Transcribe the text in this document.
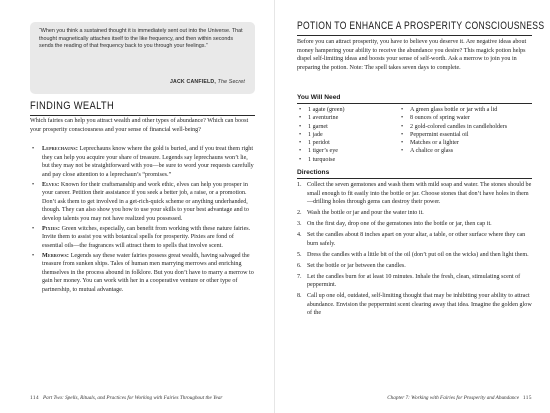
“When you think a sustained thought it is immediately sent out into the Universe. That thought magnetically attaches itself to the like frequency, and then within seconds sends the reading of that frequency back to you through your feelings.”
JACK CANFIELD, The Secret
FINDING WEALTH

Which fairies can help you attract wealth and other types of abundance? Which can boost your prosperity consciousness and your sense of financial well-being?

• Leprechauns: Leprechauns know where the gold is buried, and if you treat them right they can help you acquire your share of treasure. Legends say leprechauns won’t lie, but they may not be straightforward with you—be sure to word your requests carefully and pay close attention to a leprechaun’s “promises.”
• Elves: Known for their craftsmanship and work ethic, elves can help you prosper in your career. Petition their assistance if you seek a better job, a raise, or a promotion. Don’t ask them to get involved in a get-rich-quick scheme or anything underhanded, though. They can also show you how to use your skills to your best advantage and to develop talents you may not have realized you possessed.
• Pixies: Green witches, especially, can benefit from working with these nature fairies. Invite them to assist you with botanical spells for prosperity. Pixies are fond of essential oils—the fragrances will attract them to spells that involve scent.
• Merrows: Legends say these water fairies possess great wealth, having salvaged the treasure from sunken ships. Tales of human men marrying merrows and enriching themselves in the process abound in folklore. But you don’t have to marry a merrow to gain her money. You can work with her in a cooperative venture or other type of partnership, to mutual advantage.
114 Part Two: Spells, Rituals, and Practices for Working with Fairies Throughout the Year
POTION TO ENHANCE A PROSPERITY CONSCIOUSNESS

Before you can attract prosperity, you have to believe you deserve it. Are negative ideas about money hampering your ability to receive the abundance you desire? This magick potion helps dispel self-limiting ideas and boosts your sense of self-worth. Ask a merrow to join you in preparing the potion. Note: The spell takes seven days to complete.

You Will Need
• 1 agate (green)
• 1 aventurine
• 1 garnet
• 1 jade
• 1 peridot
• 1 tiger’s eye
• 1 turquoise
• A green glass bottle or jar with a lid
• 8 ounces of spring water
• 2 gold-colored candles in candleholders
• Peppermint essential oil
• Matches or a lighter
• A chalice or glass
Directions
1. Collect the seven gemstones and wash them with mild soap and water. The stones should be small enough to fit easily into the bottle or jar. Choose stones that don’t have holes in them—drilling holes through gems can destroy their power.
2. Wash the bottle or jar and pour the water into it.
3. On the first day, drop one of the gemstones into the bottle or jar, then cap it.
4. Set the candles about 8 inches apart on your altar, a table, or other surface where they can burn safely.
5. Dress the candles with a little bit of the oil (don’t put oil on the wicks) and then light them.
6. Set the bottle or jar between the candles.
7. Let the candles burn for at least 10 minutes. Inhale the fresh, clean, stimulating scent of peppermint.
8. Call up one old, outdated, self-limiting thought that may be inhibiting your ability to attract abundance. Envision the peppermint scent clearing away that idea. Imagine the golden glow of the
Chapter 7: Working with Fairies for Prosperity and Abundance 115
